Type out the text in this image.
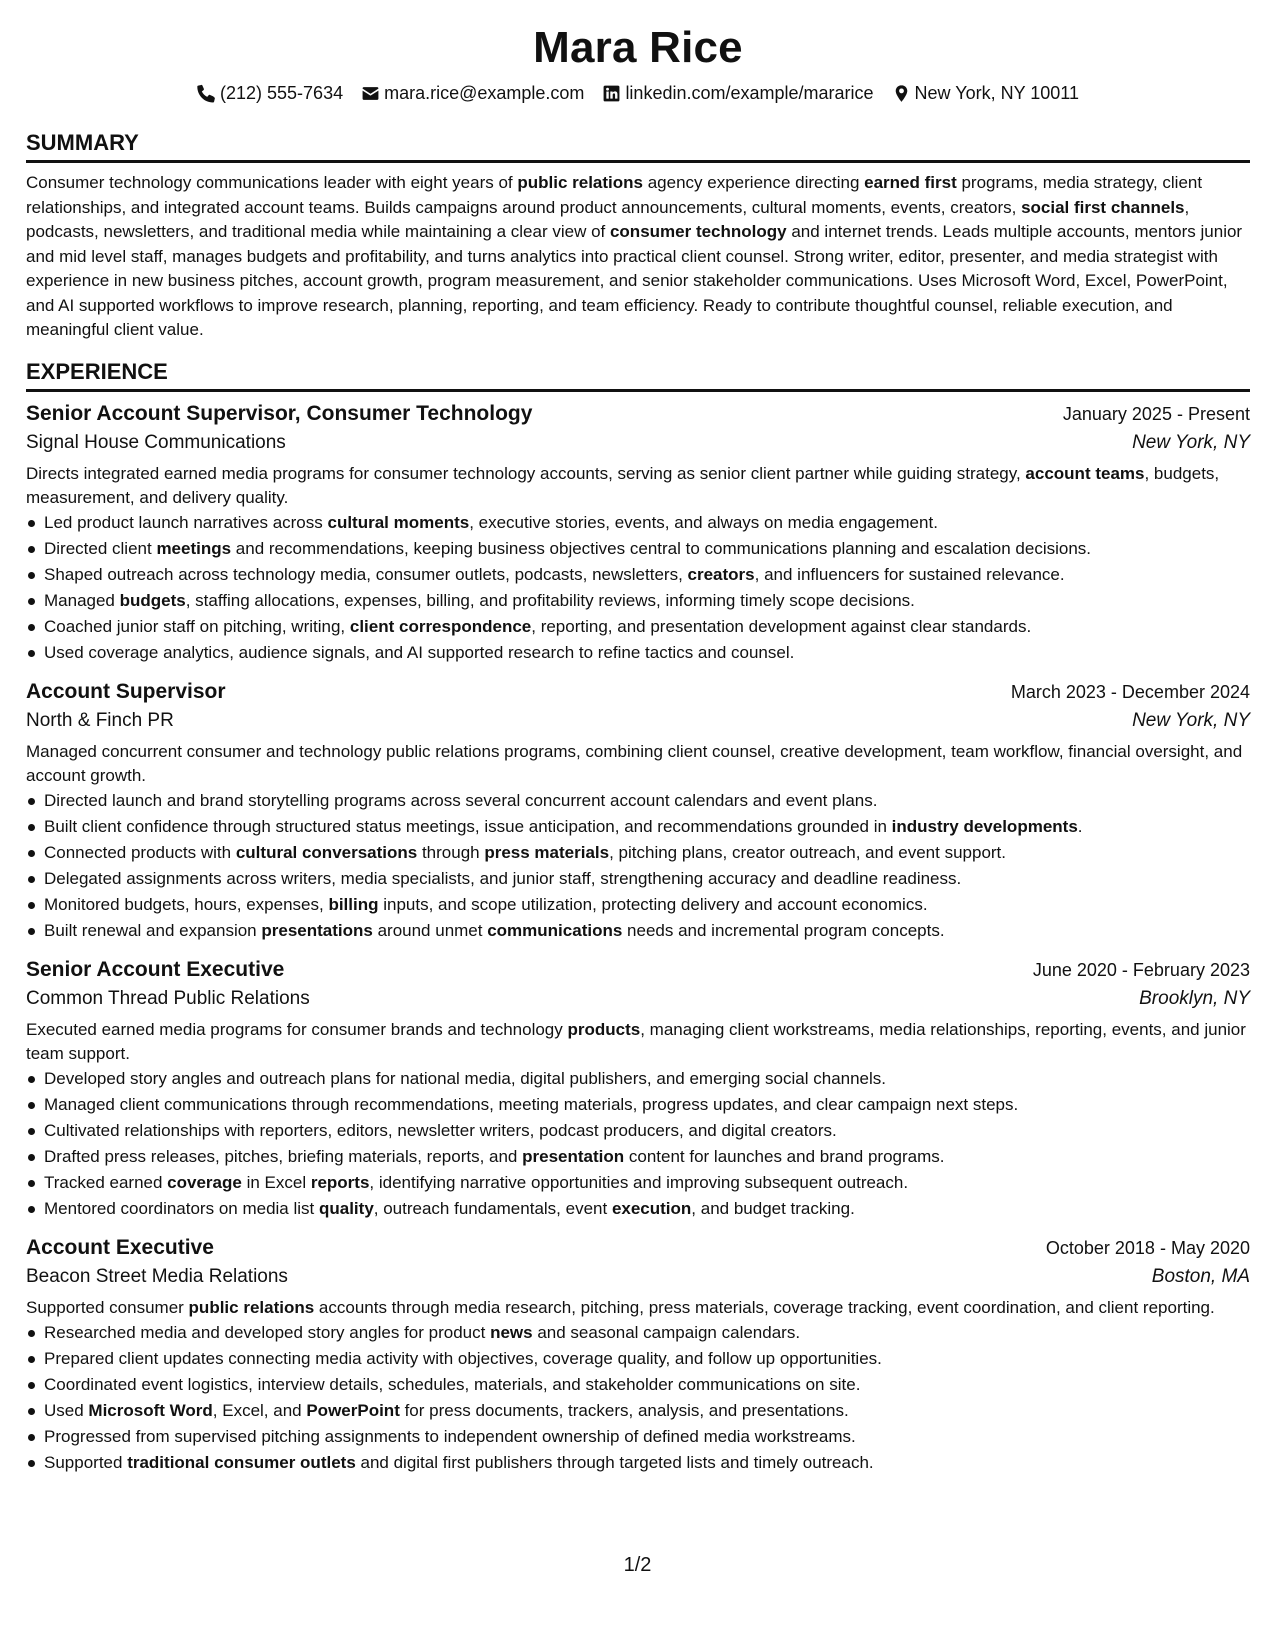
Mara Rice
(212) 555-7634 mara.rice@example.com linkedin.com/example/mararice New York, NY 10011
SUMMARY

Consumer technology communications leader with eight years of public relations agency experience directing earned first programs, media strategy, client relationships, and integrated account teams. Builds campaigns around product announcements, cultural moments, events, creators, social first channels, podcasts, newsletters, and traditional media while maintaining a clear view of consumer technology and internet trends. Leads multiple accounts, mentors junior and mid level staff, manages budgets and profitability, and turns analytics into practical client counsel. Strong writer, editor, presenter, and media strategist with experience in new business pitches, account growth, program measurement, and senior stakeholder communications. Uses Microsoft Word, Excel, PowerPoint, and AI supported workflows to improve research, planning, reporting, and team efficiency. Ready to contribute thoughtful counsel, reliable execution, and meaningful client value.

EXPERIENCE
Senior Account Supervisor, Consumer Technology	January 2025 - Present
Signal House Communications	New York, NY

Directs integrated earned media programs for consumer technology accounts, serving as senior client partner while guiding strategy, account teams, budgets, measurement, and delivery quality.

Led product launch narratives across cultural moments, executive stories, events, and always on media engagement.
Directed client meetings and recommendations, keeping business objectives central to communications planning and escalation decisions.
Shaped outreach across technology media, consumer outlets, podcasts, newsletters, creators, and influencers for sustained relevance.
Managed budgets, staffing allocations, expenses, billing, and profitability reviews, informing timely scope decisions.
Coached junior staff on pitching, writing, client correspondence, reporting, and presentation development against clear standards.
Used coverage analytics, audience signals, and AI supported research to refine tactics and counsel.
Account Supervisor	March 2023 - December 2024
North & Finch PR	New York, NY

Managed concurrent consumer and technology public relations programs, combining client counsel, creative development, team workflow, financial oversight, and account growth.

Directed launch and brand storytelling programs across several concurrent account calendars and event plans.
Built client confidence through structured status meetings, issue anticipation, and recommendations grounded in industry developments.
Connected products with cultural conversations through press materials, pitching plans, creator outreach, and event support.
Delegated assignments across writers, media specialists, and junior staff, strengthening accuracy and deadline readiness.
Monitored budgets, hours, expenses, billing inputs, and scope utilization, protecting delivery and account economics.
Built renewal and expansion presentations around unmet communications needs and incremental program concepts.
Senior Account Executive	June 2020 - February 2023
Common Thread Public Relations	Brooklyn, NY

Executed earned media programs for consumer brands and technology products, managing client workstreams, media relationships, reporting, events, and junior team support.

Developed story angles and outreach plans for national media, digital publishers, and emerging social channels.
Managed client communications through recommendations, meeting materials, progress updates, and clear campaign next steps.
Cultivated relationships with reporters, editors, newsletter writers, podcast producers, and digital creators.
Drafted press releases, pitches, briefing materials, reports, and presentation content for launches and brand programs.
Tracked earned coverage in Excel reports, identifying narrative opportunities and improving subsequent outreach.
Mentored coordinators on media list quality, outreach fundamentals, event execution, and budget tracking.
Account Executive	October 2018 - May 2020
Beacon Street Media Relations	Boston, MA

Supported consumer public relations accounts through media research, pitching, press materials, coverage tracking, event coordination, and client reporting.

Researched media and developed story angles for product news and seasonal campaign calendars.
Prepared client updates connecting media activity with objectives, coverage quality, and follow up opportunities.
Coordinated event logistics, interview details, schedules, materials, and stakeholder communications on site.
Used Microsoft Word, Excel, and PowerPoint for press documents, trackers, analysis, and presentations.
Progressed from supervised pitching assignments to independent ownership of defined media workstreams.
Supported traditional consumer outlets and digital first publishers through targeted lists and timely outreach.
1/2
